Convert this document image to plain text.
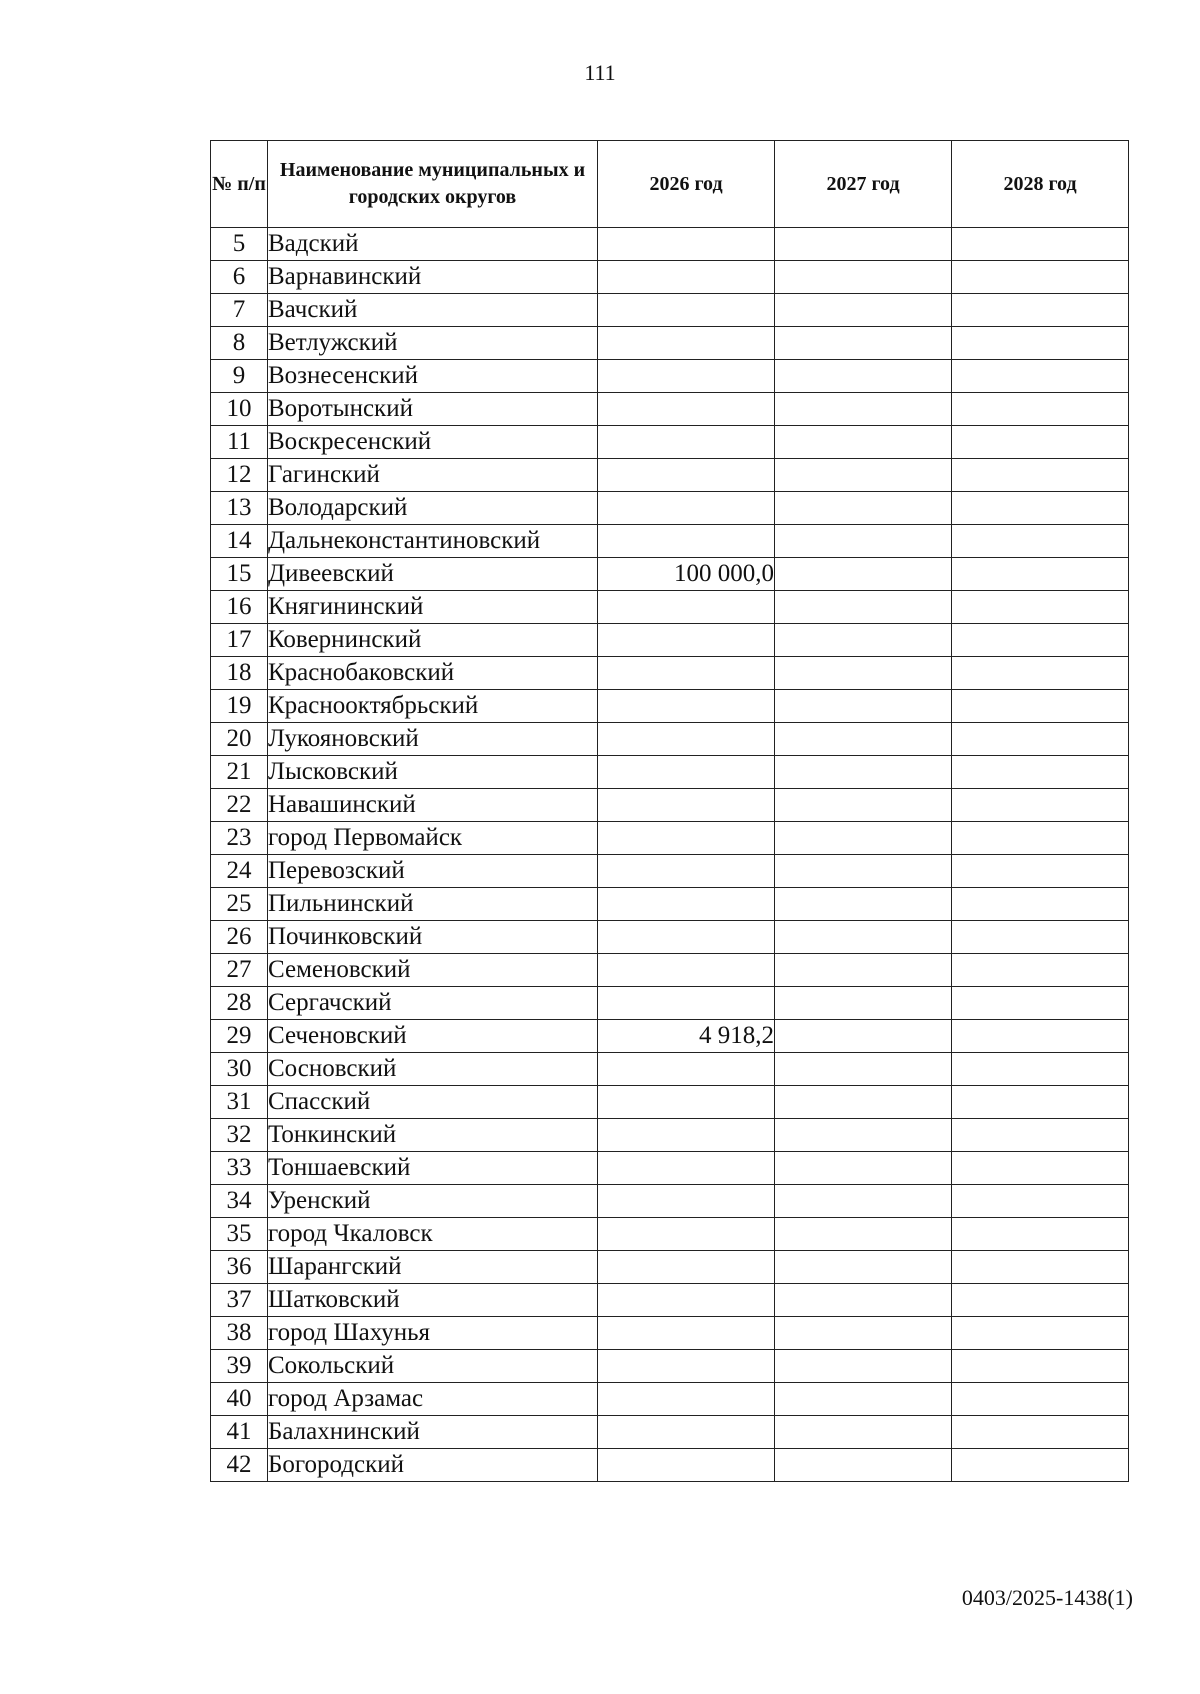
111
№ п/п	Наименование муниципальных и городских округов	2026 год	2027 год	2028 год
5	Вадский			
6	Варнавинский			
7	Вачский			
8	Ветлужский			
9	Вознесенский			
10	Воротынский			
11	Воскресенский			
12	Гагинский			
13	Володарский			
14	Дальнеконстантиновский			
15	Дивеевский	100 000,0		
16	Княгининский			
17	Ковернинский			
18	Краснобаковский			
19	Краснооктябрьский			
20	Лукояновский			
21	Лысковский			
22	Навашинский			
23	город Первомайск			
24	Перевозский			
25	Пильнинский			
26	Починковский			
27	Семеновский			
28	Сергачский			
29	Сеченовский	4 918,2		
30	Сосновский			
31	Спасский			
32	Тонкинский			
33	Тоншаевский			
34	Уренский			
35	город Чкаловск			
36	Шарангский			
37	Шатковский			
38	город Шахунья			
39	Сокольский			
40	город Арзамас			
41	Балахнинский			
42	Богородский			
0403/2025-1438(1)
